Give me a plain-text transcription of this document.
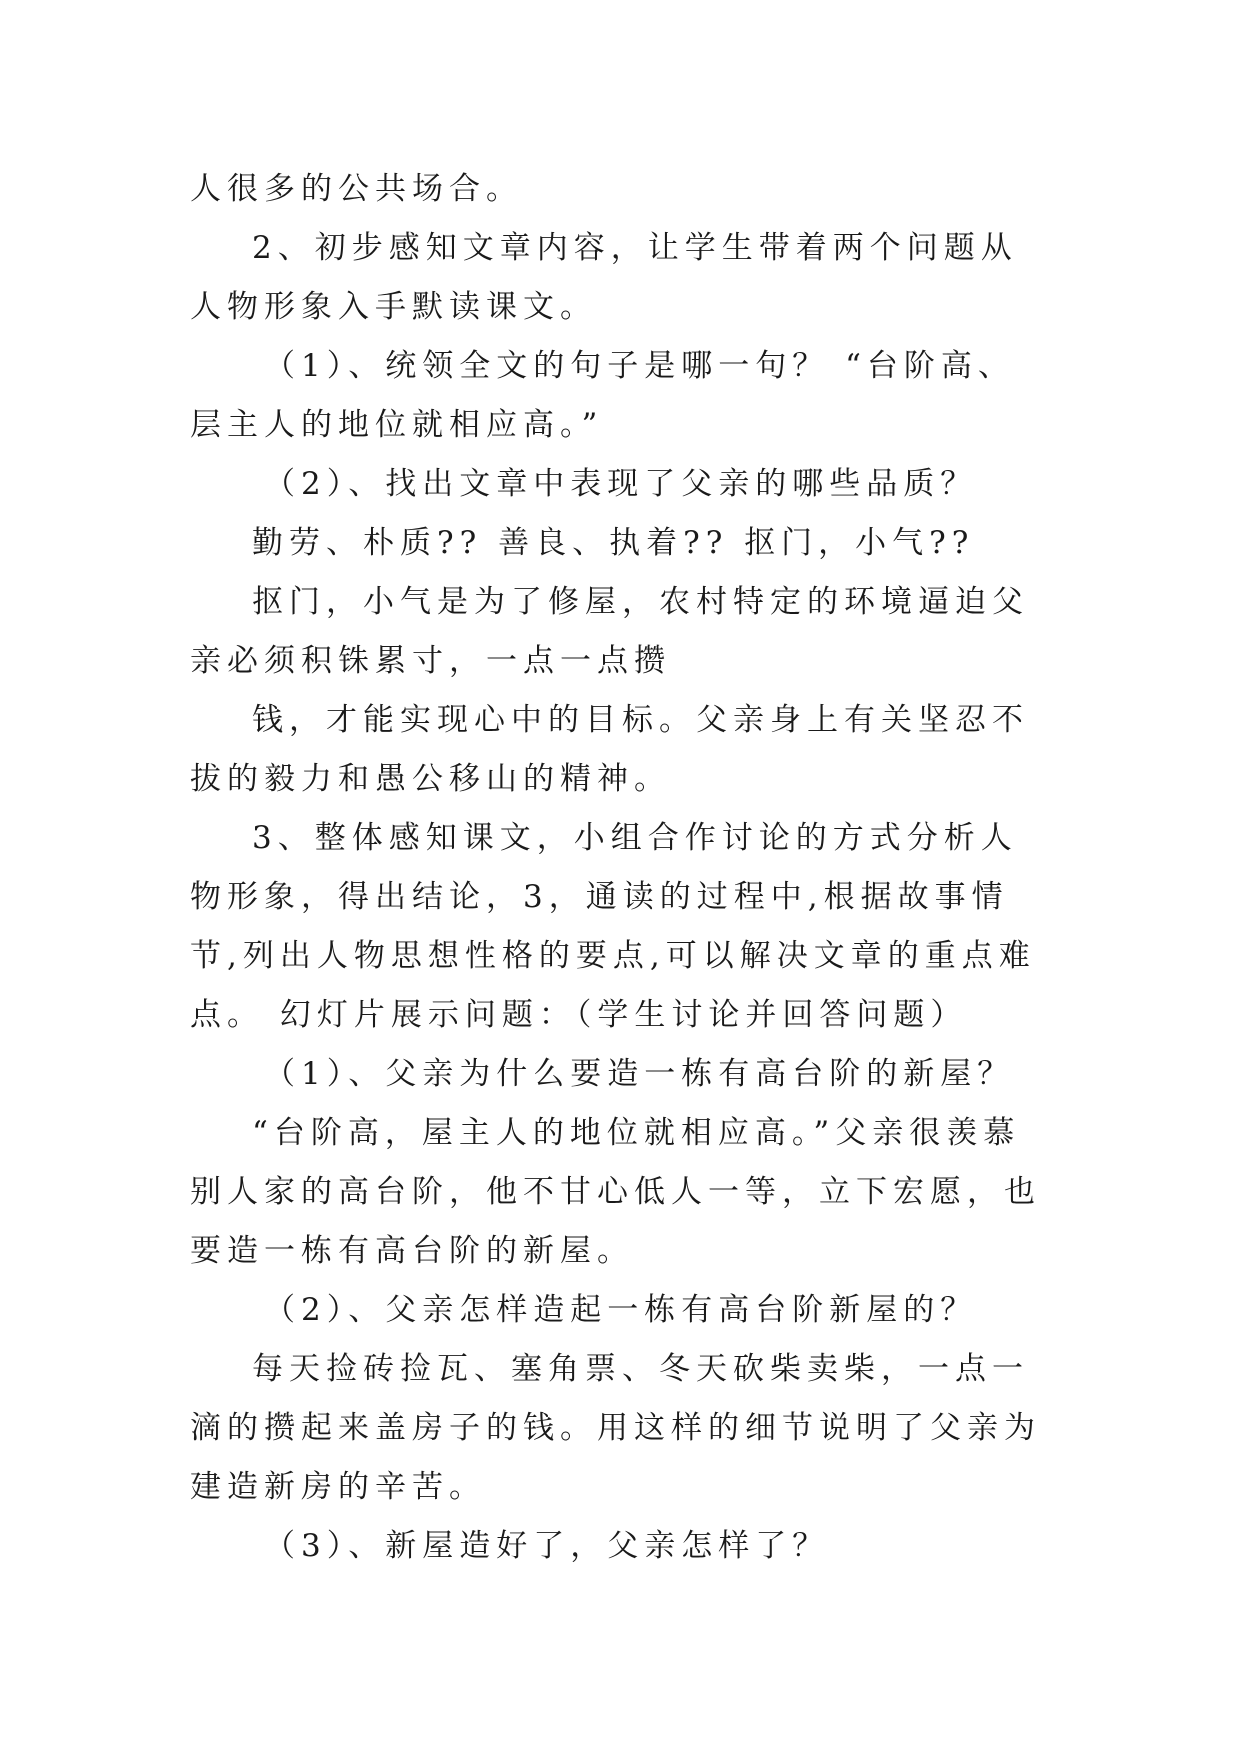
人很多的公共场合。

2、初步感知文章内容，让学生带着两个问题从人物形象入手默读课文。

（1）、统领全文的句子是哪一句？ “台阶高、层主人的地位就相应高。”

（2）、找出文章中表现了父亲的哪些品质？

勤劳、朴质?? 善良、执着?? 抠门，小气??

抠门，小气是为了修屋，农村特定的环境逼迫父亲必须积铢累寸，一点一点攒

钱，才能实现心中的目标。父亲身上有关坚忍不拔的毅力和愚公移山的精神。

3、整体感知课文，小组合作讨论的方式分析人物形象，得出结论，3，通读的过程中,根据故事情节,列出人物思想性格的要点,可以解决文章的重点难点。 幻灯片展示问题：（学生讨论并回答问题）

（1）、父亲为什么要造一栋有高台阶的新屋？

“台阶高，屋主人的地位就相应高。”父亲很羡慕别人家的高台阶，他不甘心低人一等，立下宏愿，也要造一栋有高台阶的新屋。

（2）、父亲怎样造起一栋有高台阶新屋的？

每天捡砖捡瓦、塞角票、冬天砍柴卖柴，一点一滴的攒起来盖房子的钱。用这样的细节说明了父亲为建造新房的辛苦。

（3）、新屋造好了，父亲怎样了？
